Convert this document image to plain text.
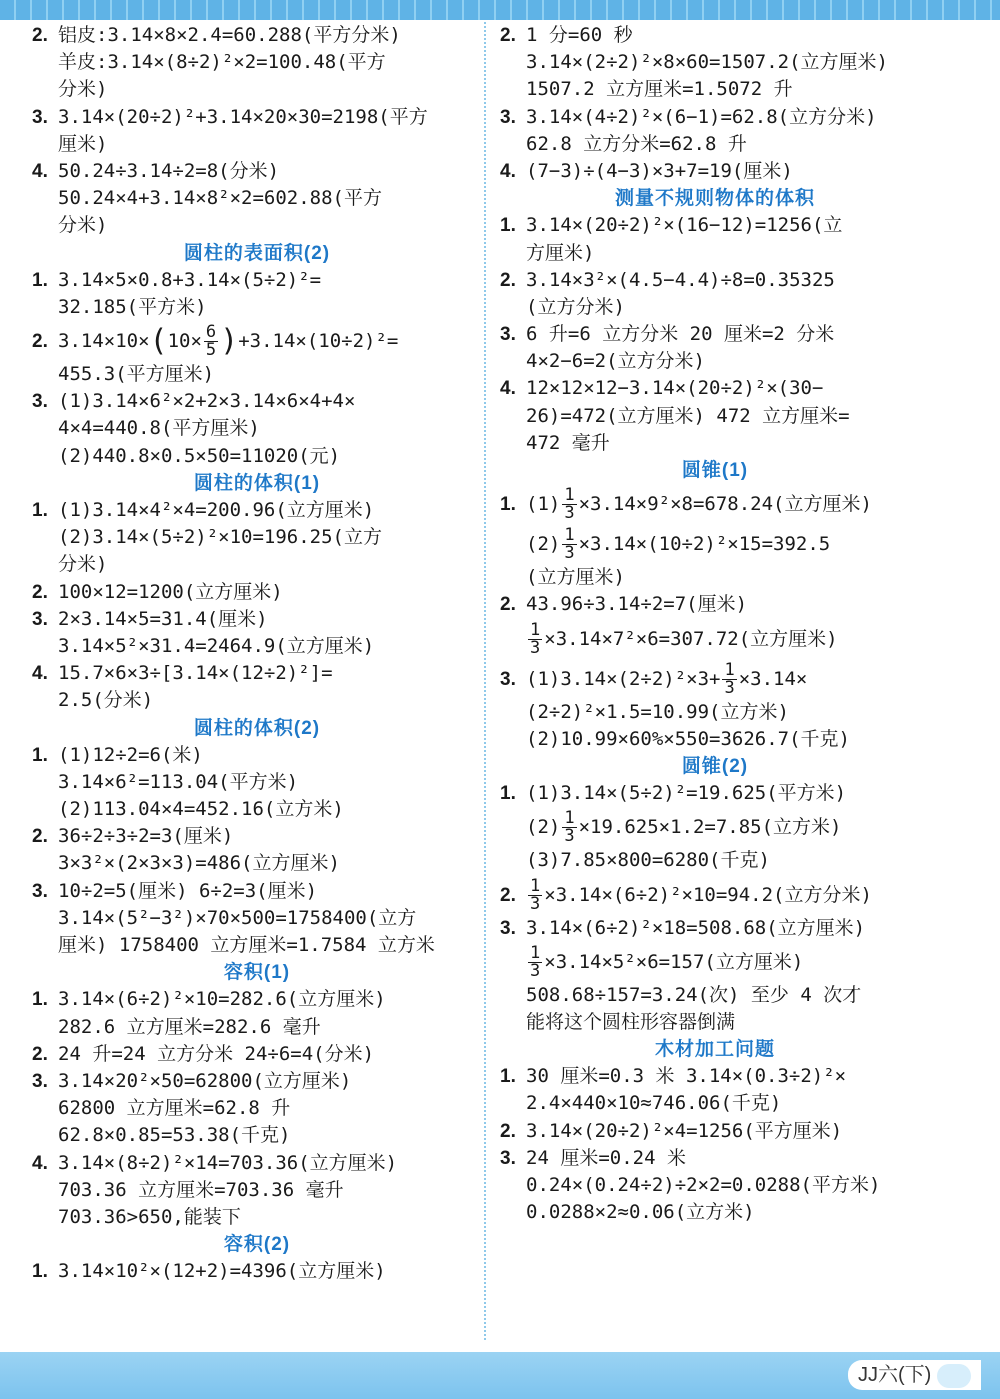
2. 铝皮:3.14×8×2.4=60.288(平方分米)
羊皮:3.14×(8÷2)²×2=100.48(平方
分米)
3. 3.14×(20÷2)²+3.14×20×30=2198(平方
厘米)
4. 50.24÷3.14÷2=8(分米)
50.24×4+3.14×8²×2=602.88(平方
分米)
圆柱的表面积(2)
1. 3.14×5×0.8+3.14×(5÷2)²=
32.185(平方米)
2. $3.14\times 10\times(10\times \frac{6}{5} )+3.14\times(10\div 2)^2=$
455.3(平方厘米)
3. (1)3.14×6²×2+2×3.14×6×4+4×
4×4=440.8(平方厘米)
(2)440.8×0.5×50=11020(元)
圆柱的体积(1)
1. (1)3.14×4²×4=200.96(立方厘米)
(2)3.14×(5÷2)²×10=196.25(立方
分米)
2. 100×12=1200(立方厘米)
3. 2×3.14×5=31.4(厘米)
3.14×5²×31.4=2464.9(立方厘米)
4. 15.7×6×3÷[3.14×(12÷2)²]=
2.5(分米)
圆柱的体积(2)
1. (1)12÷2=6(米)
3.14×6²=113.04(平方米)
(2)113.04×4=452.16(立方米)
2. 36÷2÷3÷2=3(厘米)
3×3²×(2×3×3)=486(立方厘米)
3. 10÷2=5(厘米) 6÷2=3(厘米)
3.14×(5²−3²)×70×500=1758400(立方
厘米) 1758400 立方厘米=1.7584 立方米
容积(1)
1. 3.14×(6÷2)²×10=282.6(立方厘米)
282.6 立方厘米=282.6 毫升
2. 24 升=24 立方分米 24÷6=4(分米)
3. 3.14×20²×50=62800(立方厘米)
62800 立方厘米=62.8 升
62.8×0.85=53.38(千克)
4. 3.14×(8÷2)²×14=703.36(立方厘米)
703.36 立方厘米=703.36 毫升
703.36>650,能装下
容积(2)
1. 3.14×10²×(12+2)=4396(立方厘米)
2. 1 分=60 秒
3.14×(2÷2)²×8×60=1507.2(立方厘米)
1507.2 立方厘米=1.5072 升
3. 3.14×(4÷2)²×(6−1)=62.8(立方分米)
62.8 立方分米=62.8 升
4. (7−3)÷(4−3)×3+7=19(厘米)
测量不规则物体的体积
1. 3.14×(20÷2)²×(16−12)=1256(立
方厘米)
2. 3.14×3²×(4.5−4.4)÷8=0.35325
(立方分米)
3. 6 升=6 立方分米 20 厘米=2 分米
4×2−6=2(立方分米)
4. 12×12×12−3.14×(20÷2)²×(30−
26)=472(立方厘米) 472 立方厘米=
472 毫升
圆锥(1)
1. $(1) \frac{1}{3} \times 3.14\times 9^2\times 8=678.24$(立方厘米)
$(2) \frac{1}{3} \times 3.14\times(10\div 2)^2\times 15=392.5$
(立方厘米)
2. 43.96÷3.14÷2=7(厘米)
$\frac{1}{3} \times 3.14\times 7^2\times 6=307.72$(立方厘米)
3. $(1)3.14\times(2\div 2)^2\times 3+ \frac{1}{3} \times 3.14\times$
(2÷2)²×1.5=10.99(立方米)
(2)10.99×60%×550=3626.7(千克)
圆锥(2)
1. (1)3.14×(5÷2)²=19.625(平方米)
$(2) \frac{1}{3} \times 19.625\times 1.2=7.85$(立方米)
(3)7.85×800=6280(千克)
2. $\frac{1}{3} \times 3.14\times(6\div 2)^2\times 10=94.2$(立方分米)
3. 3.14×(6÷2)²×18=508.68(立方厘米)
$\frac{1}{3} \times 3.14\times 5^2\times 6=157$(立方厘米)
508.68÷157=3.24(次) 至少 4 次才
能将这个圆柱形容器倒满
木材加工问题
1. 30 厘米=0.3 米 3.14×(0.3÷2)²×
2.4×440×10≈746.06(千克)
2. 3.14×(20÷2)²×4=1256(平方厘米)
3. 24 厘米=0.24 米
0.24×(0.24÷2)÷2×2=0.0288(平方米)
0.0288×2≈0.06(立方米)
JJ六(下)
